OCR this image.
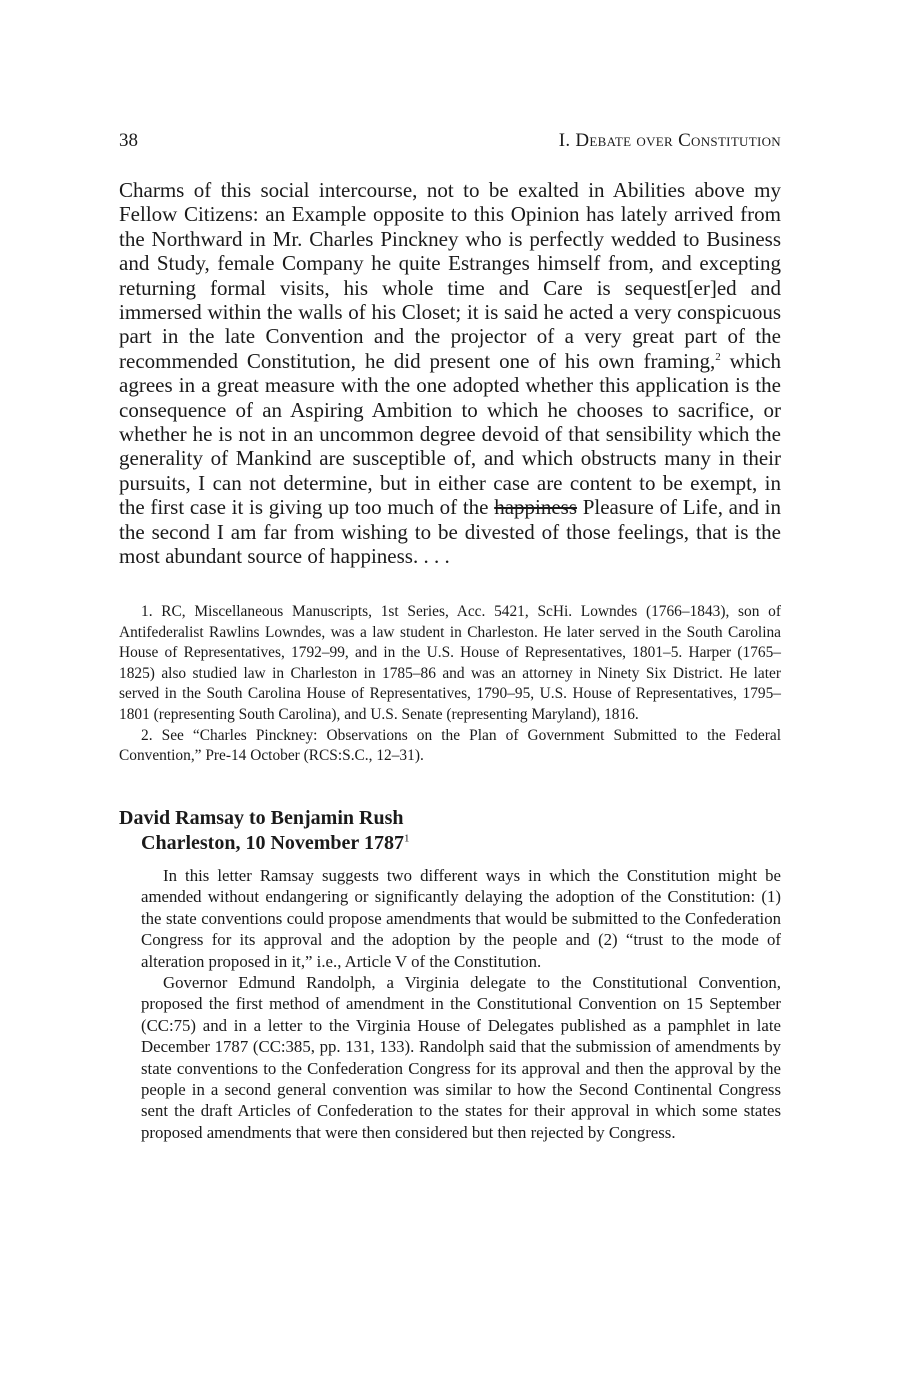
38	I. Debate over Constitution

Charms of this social intercourse, not to be exalted in Abilities above my Fellow Citizens: an Example opposite to this Opinion has lately arrived from the Northward in Mr. Charles Pinckney who is perfectly wedded to Business and Study, female Company he quite Estranges himself from, and excepting returning formal visits, his whole time and Care is sequest[er]ed and immersed within the walls of his Closet; it is said he acted a very conspicuous part in the late Convention and the projector of a very great part of the recommended Constitution, he did present one of his own framing,$^2$ which agrees in a great measure with the one adopted whether this application is the consequence of an Aspiring Ambition to which he chooses to sacrifice, or whether he is not in an uncommon degree devoid of that sensibility which the generality of Mankind are susceptible of, and which obstructs many in their pursuits, I can not determine, but in either case are content to be exempt, in the first case it is giving up too much of the happiness Pleasure of Life, and in the second I am far from wishing to be divested of those feelings, that is the most abundant source of happiness. . . .

1. RC, Miscellaneous Manuscripts, 1st Series, Acc. 5421, ScHi. Lowndes (1766–1843), son of Antifederalist Rawlins Lowndes, was a law student in Charleston. He later served in the South Carolina House of Representatives, 1792–99, and in the U.S. House of Representatives, 1801–5. Harper (1765–1825) also studied law in Charleston in 1785–86 and was an attorney in Ninety Six District. He later served in the South Carolina House of Representatives, 1790–95, U.S. House of Representatives, 1795–1801 (representing South Carolina), and U.S. Senate (representing Maryland), 1816.

2. See “Charles Pinckney: Observations on the Plan of Government Submitted to the Federal Convention,” Pre-14 October (RCS:S.C., 12–31).

David Ramsay to Benjamin Rush
Charleston, 10 November 1787$^1$

In this letter Ramsay suggests two different ways in which the Constitution might be amended without endangering or significantly delaying the adoption of the Constitution: (1) the state conventions could propose amendments that would be submitted to the Confederation Congress for its approval and the adoption by the people and (2) “trust to the mode of alteration proposed in it,” i.e., Article V of the Constitution.

Governor Edmund Randolph, a Virginia delegate to the Constitutional Convention, proposed the first method of amendment in the Constitutional Convention on 15 September (CC:75) and in a letter to the Virginia House of Delegates published as a pamphlet in late December 1787 (CC:385, pp. 131, 133). Randolph said that the submission of amendments by state conventions to the Confederation Congress for its approval and then the approval by the people in a second general convention was similar to how the Second Continental Congress sent the draft Articles of Confederation to the states for their approval in which some states proposed amendments that were then considered but then rejected by Congress.
